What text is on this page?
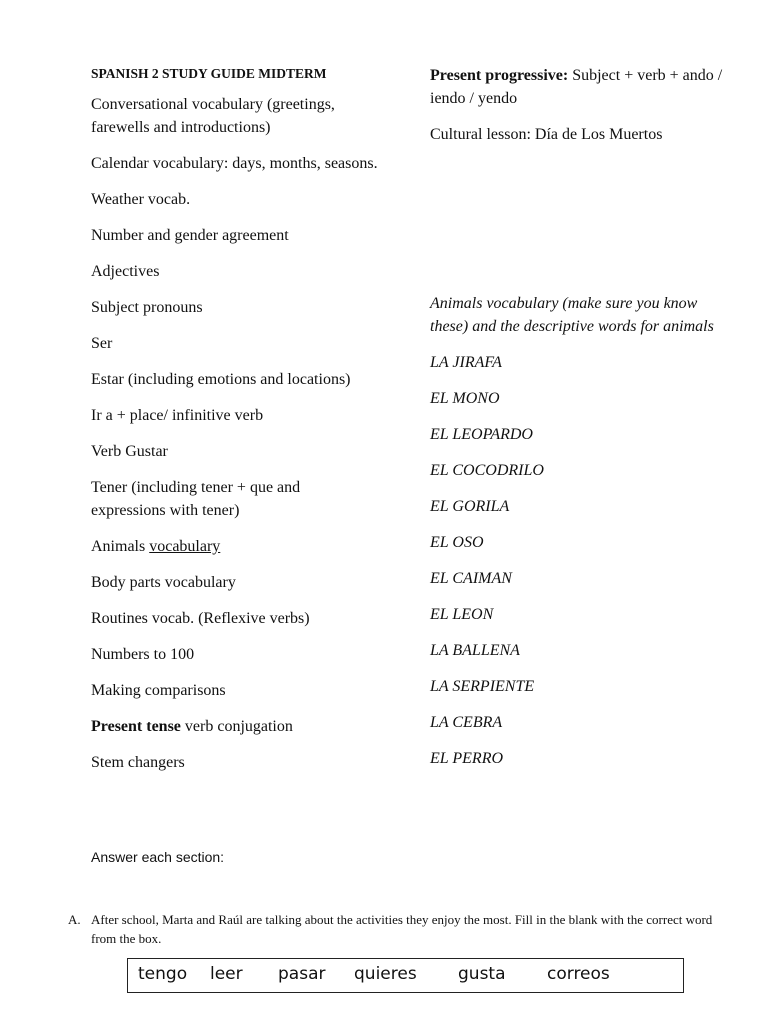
SPANISH 2 STUDY GUIDE MIDTERM
Conversational vocabulary (greetings, farewells and introductions)
Calendar vocabulary: days, months, seasons.
Weather vocab.
Number and gender agreement
Adjectives
Subject pronouns
Ser
Estar (including emotions and locations)
Ir a + place/ infinitive verb
Verb Gustar
Tener (including tener + que and expressions with tener)
Animals vocabulary
Body parts vocabulary
Routines vocab. (Reflexive verbs)
Numbers to 100
Making comparisons
Present tense verb conjugation
Stem changers
Present progressive: Subject + verb + ando / iendo / yendo
Cultural lesson: Día de Los Muertos
Animals vocabulary (make sure you know these) and the descriptive words for animals
LA JIRAFA
EL MONO
EL LEOPARDO
EL COCODRILO
EL GORILA
EL OSO
EL CAIMAN
EL LEON
LA BALLENA
LA SERPIENTE
LA CEBRA
EL PERRO
Answer each section:
A. After school, Marta and Raúl are talking about the activities they enjoy the most. Fill in the blank with the correct word from the box.
tengo leer pasar quieres gusta correos
